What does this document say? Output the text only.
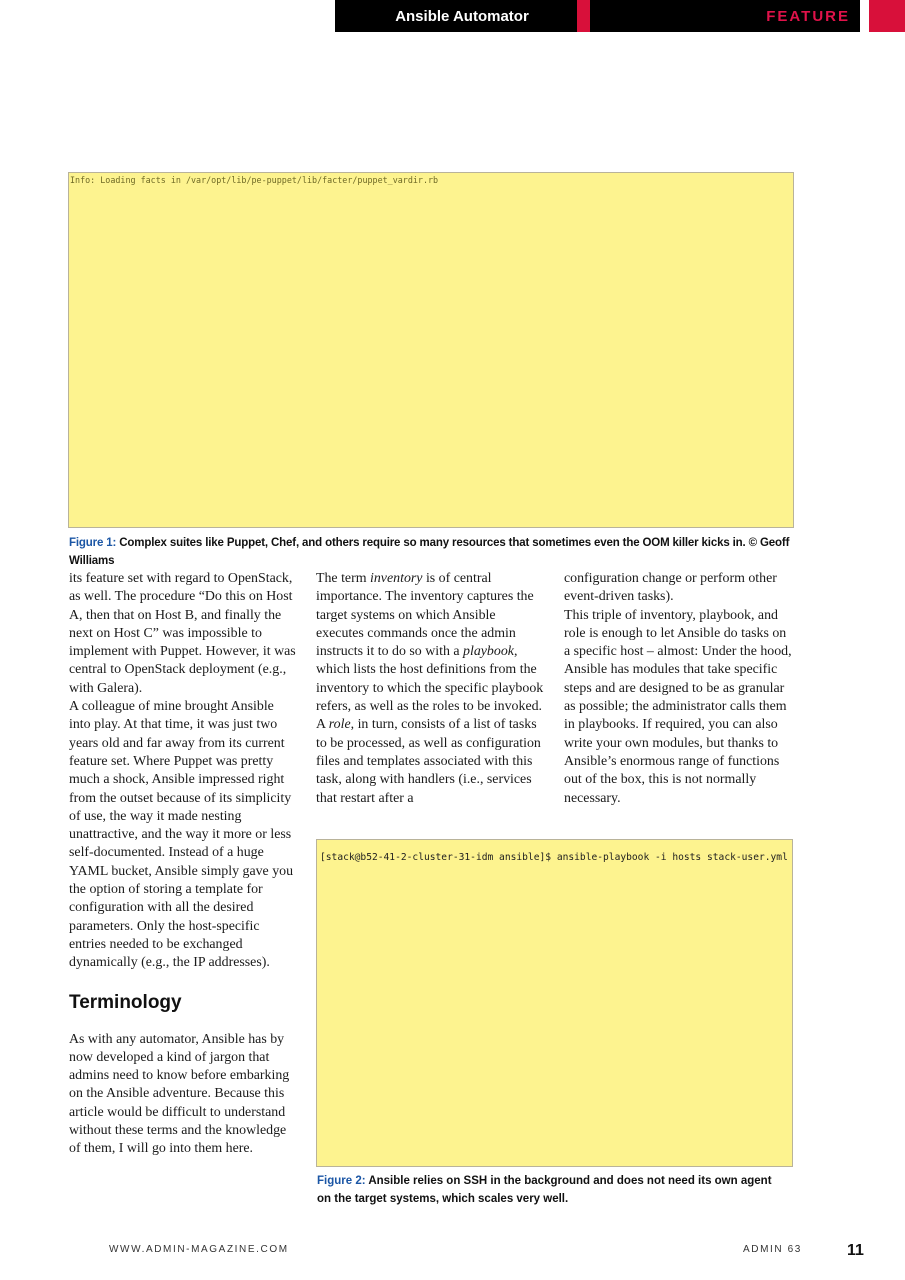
Ansible Automator	FEATURE
Info: Loading facts in /var/opt/lib/pe-puppet/lib/facter/puppet_vardir.rb
Figure 1: Complex suites like Puppet, Chef, and others require so many resources that sometimes even the OOM killer kicks in. © Geoff Williams

its feature set with regard to OpenStack, as well. The procedure “Do this on Host A, then that on Host B, and finally the next on Host C” was impossible to implement with Puppet. However, it was central to OpenStack deployment (e.g., with Galera).

A colleague of mine brought Ansible into play. At that time, it was just two years old and far away from its current feature set. Where Puppet was pretty much a shock, Ansible impressed right from the outset because of its simplicity of use, the way it made nesting unattractive, and the way it more or less self-documented. Instead of a huge YAML bucket, Ansible simply gave you the option of storing a template for configuration with all the desired parameters. Only the host-specific entries needed to be exchanged dynamically (e.g., the IP addresses).

Terminology

As with any automator, Ansible has by now developed a kind of jargon that admins need to know before embarking on the Ansible adventure. Because this article would be difficult to understand without these terms and the knowledge of them, I will go into them here.

The term inventory is of central importance. The inventory captures the target systems on which Ansible executes commands once the admin instructs it to do so with a playbook, which lists the host definitions from the inventory to which the specific playbook refers, as well as the roles to be invoked. A role, in turn, consists of a list of tasks to be processed, as well as configuration files and templates associated with this task, along with handlers (i.e., services that restart after a

configuration change or perform other event-driven tasks).

This triple of inventory, playbook, and role is enough to let Ansible do tasks on a specific host – almost: Under the hood, Ansible has modules that take specific steps and are designed to be as granular as possible; the administrator calls them in playbooks. If required, you can also write your own modules, but thanks to Ansible’s enormous range of functions out of the box, this is not normally necessary.

[stack@b52-41-2-cluster-31-idm ansible]$ ansible-playbook -i hosts stack-user.yml

Figure 2: Ansible relies on SSH in the background and does not need its own agent on the target systems, which scales very well.
WWW.ADMIN-MAGAZINE.COM	ADMIN 63	11
